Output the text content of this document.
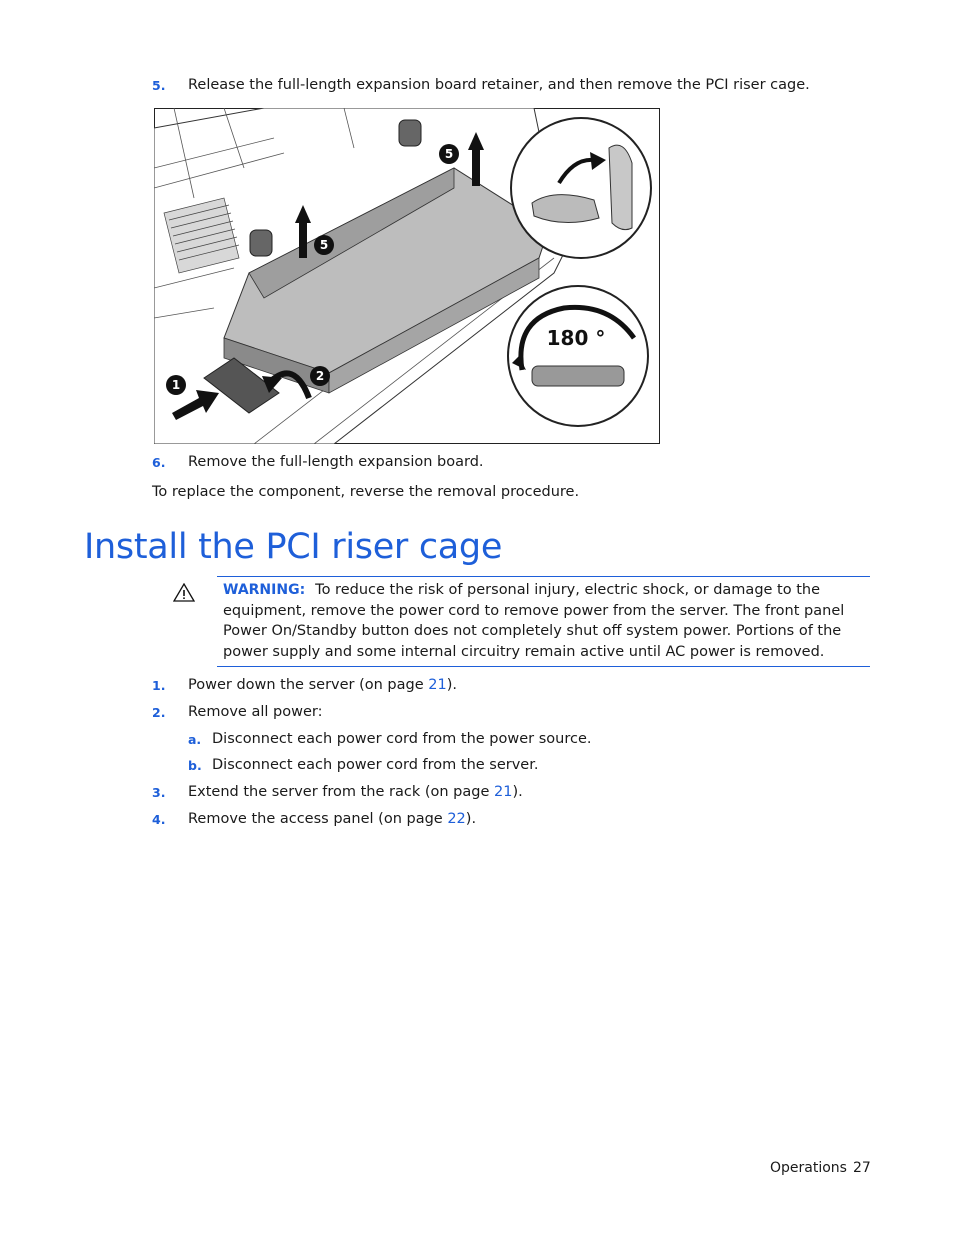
5. Release the full-length expansion board retainer, and then remove the PCI riser cage.
1
2
5
5
180 °
6. Remove the full-length expansion board.
To replace the component, reverse the removal procedure.
Install the PCI riser cage
WARNING: To reduce the risk of personal injury, electric shock, or damage to the equipment, remove the power cord to remove power from the server. The front panel Power On/Standby button does not completely shut off system power. Portions of the power supply and some internal circuitry remain active until AC power is removed.
1. Power down the server (on page 21).
2. Remove all power:
a. Disconnect each power cord from the power source.
b. Disconnect each power cord from the server.
3. Extend the server from the rack (on page 21).
4. Remove the access panel (on page 22).
Operations 27
